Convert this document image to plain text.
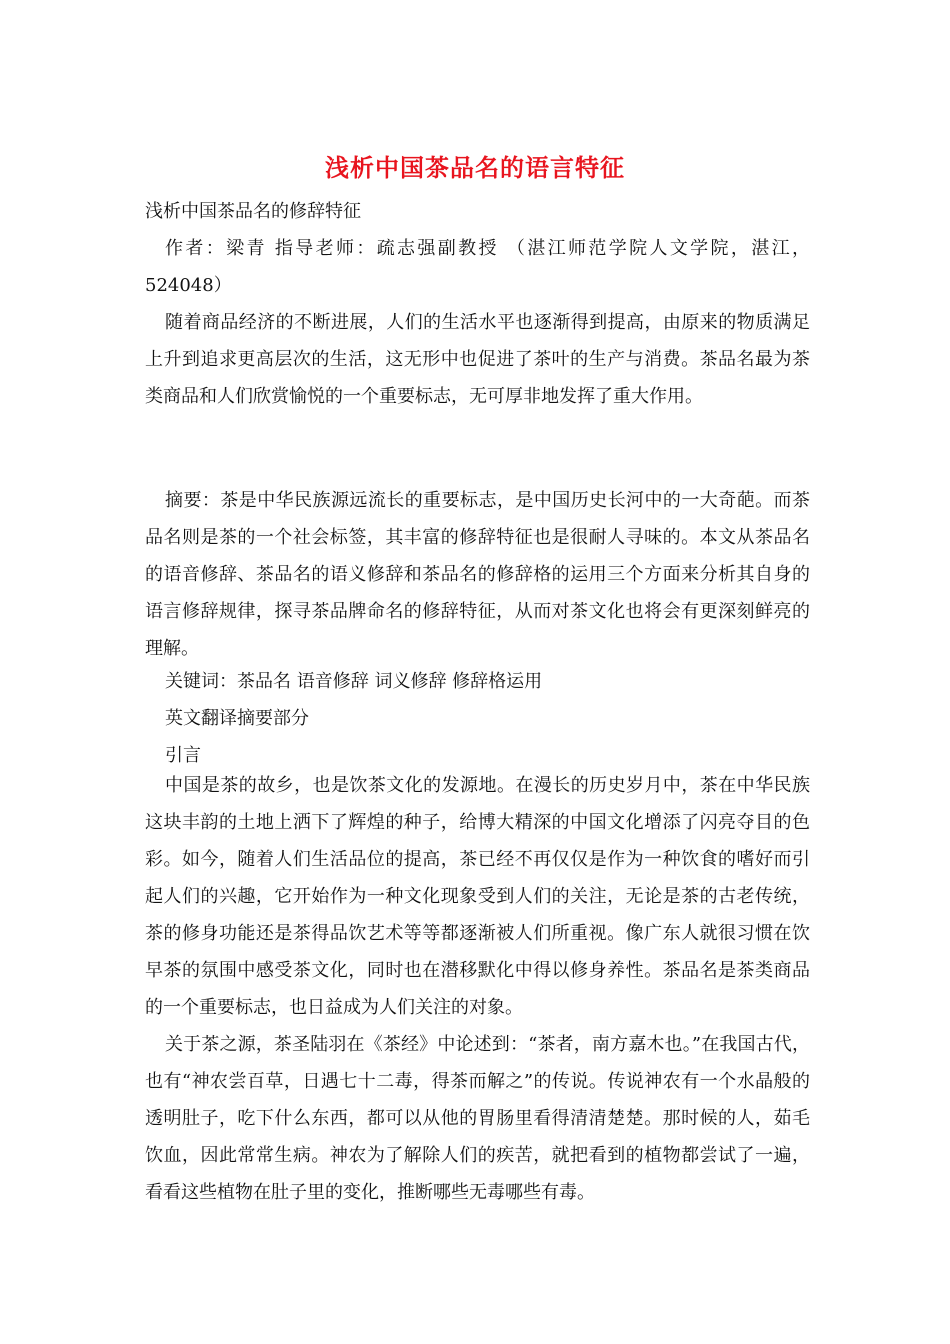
浅析中国茶品名的语言特征

浅析中国茶品名的修辞特征

作者：梁青 指导老师：疏志强副教授 （湛江师范学院人文学院，湛江，524048）

随着商品经济的不断进展，人们的生活水平也逐渐得到提高，由原来的物质满足上升到追求更高层次的生活，这无形中也促进了茶叶的生产与消费。茶品名最为茶类商品和人们欣赏愉悦的一个重要标志，无可厚非地发挥了重大作用。

摘要：茶是中华民族源远流长的重要标志，是中国历史长河中的一大奇葩。而茶品名则是茶的一个社会标签，其丰富的修辞特征也是很耐人寻味的。本文从茶品名的语音修辞、茶品名的语义修辞和茶品名的修辞格的运用三个方面来分析其自身的语言修辞规律，探寻茶品牌命名的修辞特征，从而对茶文化也将会有更深刻鲜亮的理解。

关键词：茶品名 语音修辞 词义修辞 修辞格运用

英文翻译摘要部分

引言

中国是茶的故乡，也是饮茶文化的发源地。在漫长的历史岁月中，茶在中华民族这块丰韵的土地上洒下了辉煌的种子，给博大精深的中国文化增添了闪亮夺目的色彩。如今，随着人们生活品位的提高，茶已经不再仅仅是作为一种饮食的嗜好而引起人们的兴趣，它开始作为一种文化现象受到人们的关注，无论是茶的古老传统，茶的修身功能还是茶得品饮艺术等等都逐渐被人们所重视。像广东人就很习惯在饮早茶的氛围中感受茶文化，同时也在潜移默化中得以修身养性。茶品名是茶类商品的一个重要标志，也日益成为人们关注的对象。

关于茶之源，茶圣陆羽在《茶经》中论述到：“茶者，南方嘉木也。”在我国古代，也有“神农尝百草，日遇七十二毒，得茶而解之”的传说。传说神农有一个水晶般的透明肚子，吃下什么东西，都可以从他的胃肠里看得清清楚楚。那时候的人，茹毛饮血，因此常常生病。神农为了解除人们的疾苦，就把看到的植物都尝试了一遍，看看这些植物在肚子里的变化，推断哪些无毒哪些有毒。
